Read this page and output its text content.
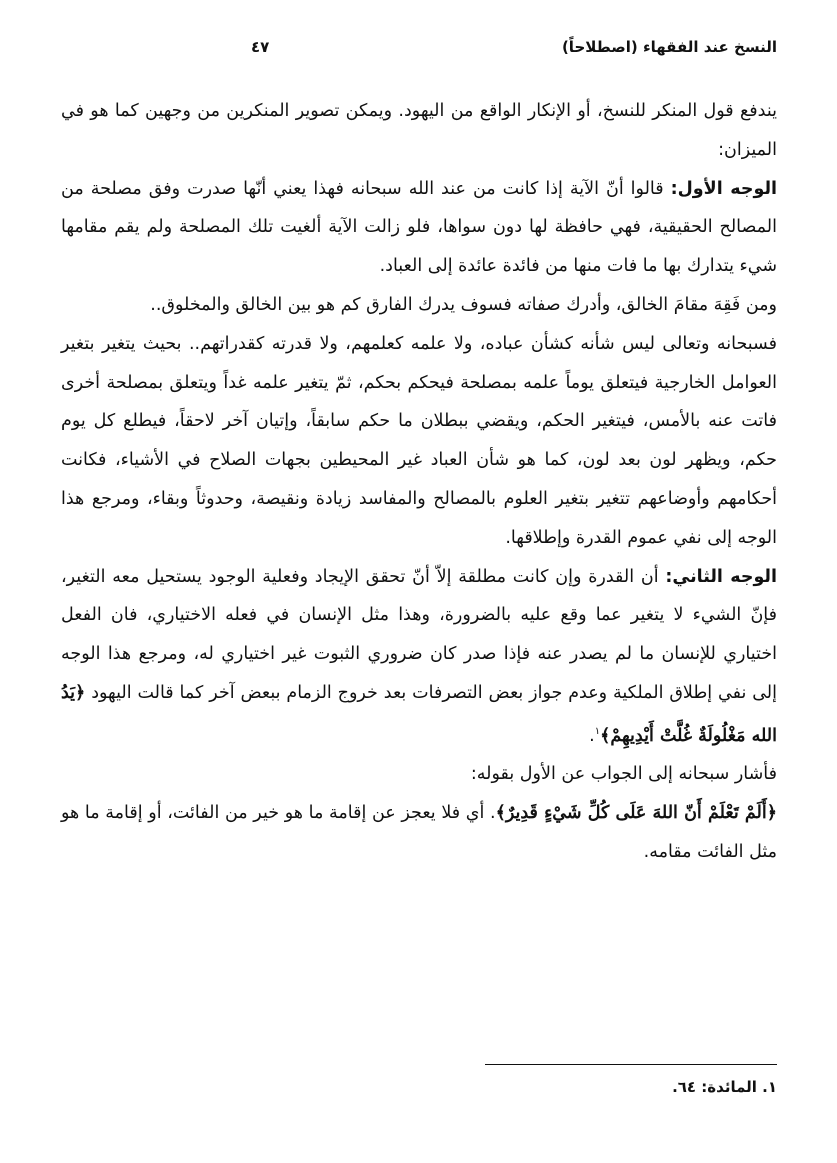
النسخ عند الفقهاء (اصطلاحاً)
٤٧

يندفع قول المنكر للنسخ، أو الإنكار الواقع من اليهود. ويمكن تصوير المنكرين من وجهين كما هو في الميزان:

الوجه الأول: قالوا أنّ الآية إذا كانت من عند الله سبحانه فهذا يعني أنّها صدرت وفق مصلحة من المصالح الحقيقية، فهي حافظة لها دون سواها، فلو زالت الآية ألغيت تلك المصلحة ولم يقم مقامها شيء يتدارك بها ما فات منها من فائدة عائدة إلى العباد.

ومن فَقِهَ مقامَ الخالق، وأدرك صفاته فسوف يدرك الفارق كم هو بين الخالق والمخلوق..

فسبحانه وتعالى ليس شأنه كشأن عباده، ولا علمه كعلمهم، ولا قدرته كقدراتهم.. بحيث يتغير بتغير العوامل الخارجية فيتعلق يوماً علمه بمصلحة فيحكم بحكم، ثمّ يتغير علمه غداً ويتعلق بمصلحة أخرى فاتت عنه بالأمس، فيتغير الحكم، ويقضي ببطلان ما حكم سابقاً، وإتيان آخر لاحقاً، فيطلع كل يوم حكم، ويظهر لون بعد لون، كما هو شأن العباد غير المحيطين بجهات الصلاح في الأشياء، فكانت أحكامهم وأوضاعهم تتغير بتغير العلوم بالمصالح والمفاسد زيادة ونقيصة، وحدوثاً وبقاء، ومرجع هذا الوجه إلى نفي عموم القدرة وإطلاقها.

الوجه الثاني: أن القدرة وإن كانت مطلقة إلاّ أنّ تحقق الإيجاد وفعلية الوجود يستحيل معه التغير، فإنّ الشيء لا يتغير عما وقع عليه بالضرورة، وهذا مثل الإنسان في فعله الاختياري، فان الفعل اختياري للإنسان ما لم يصدر عنه فإذا صدر كان ضروري الثبوت غير اختياري له، ومرجع هذا الوجه إلى نفي إطلاق الملكية وعدم جواز بعض التصرفات بعد خروج الزمام ببعض آخر كما قالت اليهود ﴿يَدُ الله مَغْلُولَةٌ غُلَّتْ أَيْدِيهِمْ﴾$^١$.

فأشار سبحانه إلى الجواب عن الأول بقوله:

﴿أَلَمْ تَعْلَمْ أَنّ اللهَ عَلَى كُلِّ شَيْءٍ قَدِيرٌ﴾. أي فلا يعجز عن إقامة ما هو خير من الفائت، أو إقامة ما هو مثل الفائت مقامه.

١. المائدة: ٦٤.
